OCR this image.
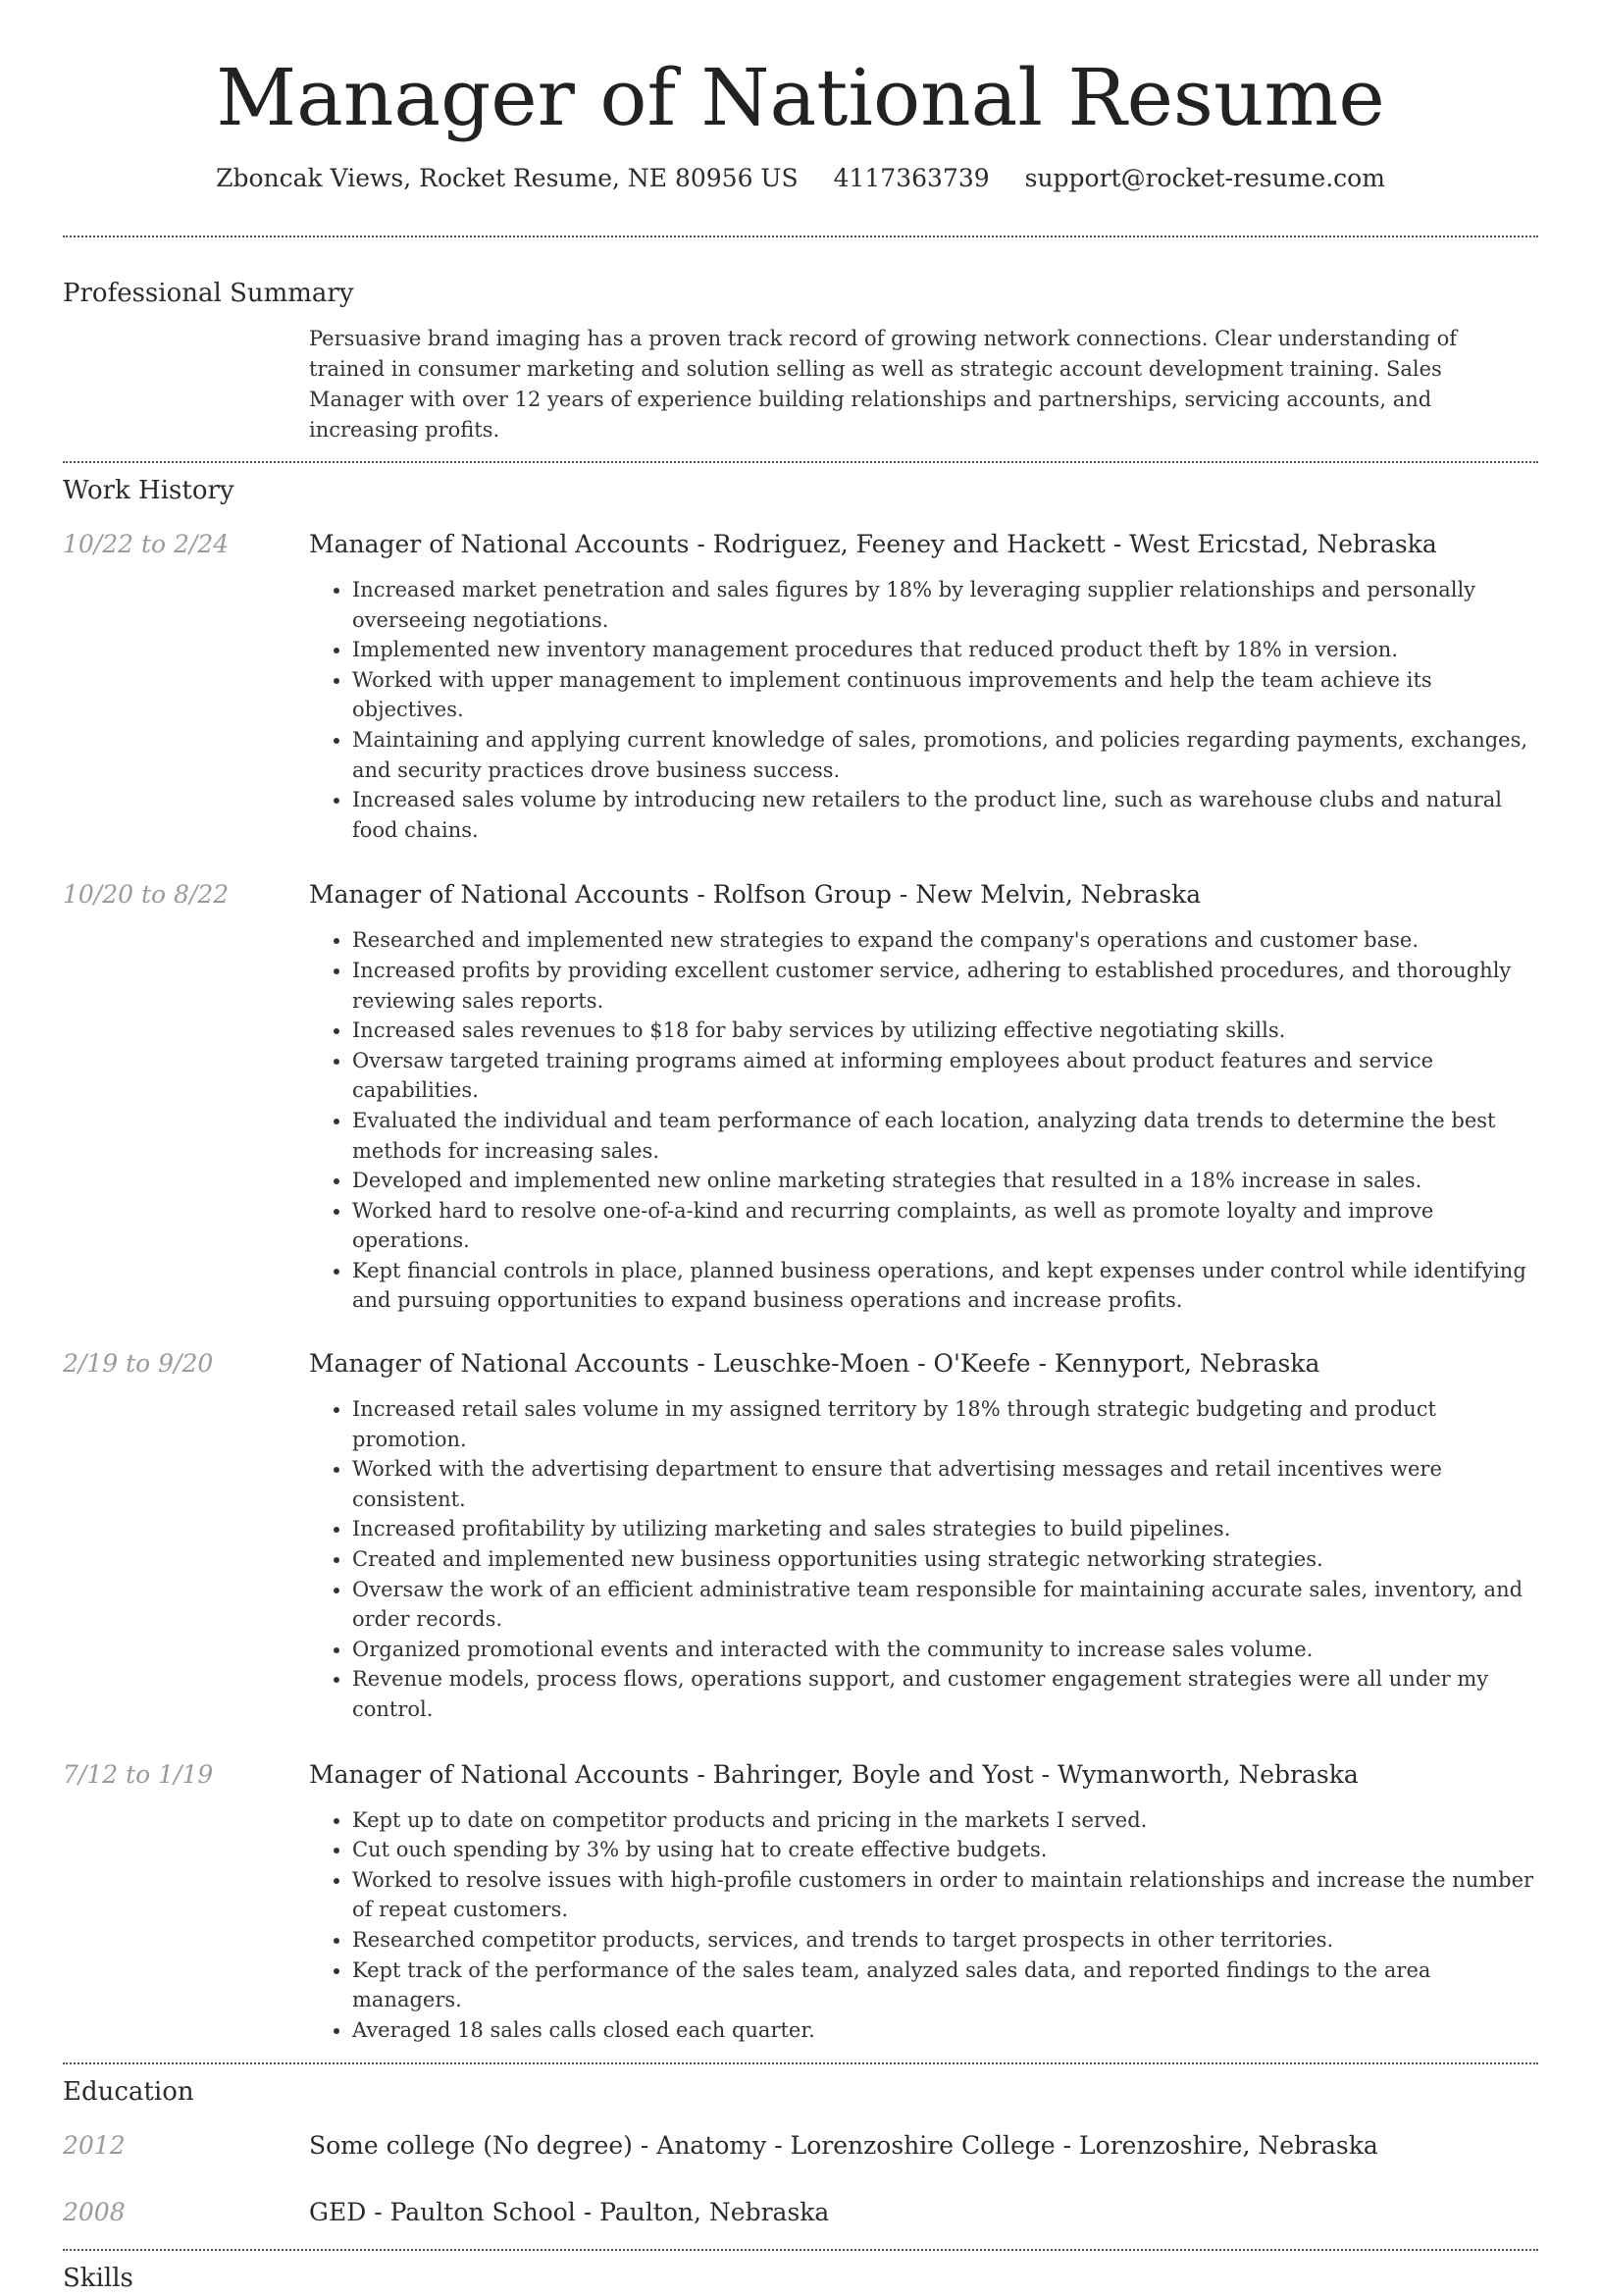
Manager of National Resume
Zboncak Views, Rocket Resume, NE 80956 US 4117363739 support@rocket-resume.com
Professional Summary
Persuasive brand imaging has a proven track record of growing network connections. Clear understanding of trained in consumer marketing and solution selling as well as strategic account development training. Sales Manager with over 12 years of experience building relationships and partnerships, servicing accounts, and increasing profits.
Work History
10/22 to 2/24	Manager of National Accounts - Rodriguez, Feeney and Hackett - West Ericstad, Nebraska
• Increased market penetration and sales figures by 18% by leveraging supplier relationships and personally overseeing negotiations.
• Implemented new inventory management procedures that reduced product theft by 18% in version.
• Worked with upper management to implement continuous improvements and help the team achieve its objectives.
• Maintaining and applying current knowledge of sales, promotions, and policies regarding payments, exchanges, and security practices drove business success.
• Increased sales volume by introducing new retailers to the product line, such as warehouse clubs and natural food chains.
10/20 to 8/22	Manager of National Accounts - Rolfson Group - New Melvin, Nebraska
• Researched and implemented new strategies to expand the company's operations and customer base.
• Increased profits by providing excellent customer service, adhering to established procedures, and thoroughly reviewing sales reports.
• Increased sales revenues to $18 for baby services by utilizing effective negotiating skills.
• Oversaw targeted training programs aimed at informing employees about product features and service capabilities.
• Evaluated the individual and team performance of each location, analyzing data trends to determine the best methods for increasing sales.
• Developed and implemented new online marketing strategies that resulted in a 18% increase in sales.
• Worked hard to resolve one-of-a-kind and recurring complaints, as well as promote loyalty and improve operations.
• Kept financial controls in place, planned business operations, and kept expenses under control while identifying and pursuing opportunities to expand business operations and increase profits.
2/19 to 9/20	Manager of National Accounts - Leuschke-Moen - O'Keefe - Kennyport, Nebraska
• Increased retail sales volume in my assigned territory by 18% through strategic budgeting and product promotion.
• Worked with the advertising department to ensure that advertising messages and retail incentives were consistent.
• Increased profitability by utilizing marketing and sales strategies to build pipelines.
• Created and implemented new business opportunities using strategic networking strategies.
• Oversaw the work of an efficient administrative team responsible for maintaining accurate sales, inventory, and order records.
• Organized promotional events and interacted with the community to increase sales volume.
• Revenue models, process flows, operations support, and customer engagement strategies were all under my control.
7/12 to 1/19	Manager of National Accounts - Bahringer, Boyle and Yost - Wymanworth, Nebraska
• Kept up to date on competitor products and pricing in the markets I served.
• Cut ouch spending by 3% by using hat to create effective budgets.
• Worked to resolve issues with high-profile customers in order to maintain relationships and increase the number of repeat customers.
• Researched competitor products, services, and trends to target prospects in other territories.
• Kept track of the performance of the sales team, analyzed sales data, and reported findings to the area managers.
• Averaged 18 sales calls closed each quarter.
Education
2012	Some college (No degree) - Anatomy - Lorenzoshire College - Lorenzoshire, Nebraska
2008	GED - Paulton School - Paulton, Nebraska
Skills
